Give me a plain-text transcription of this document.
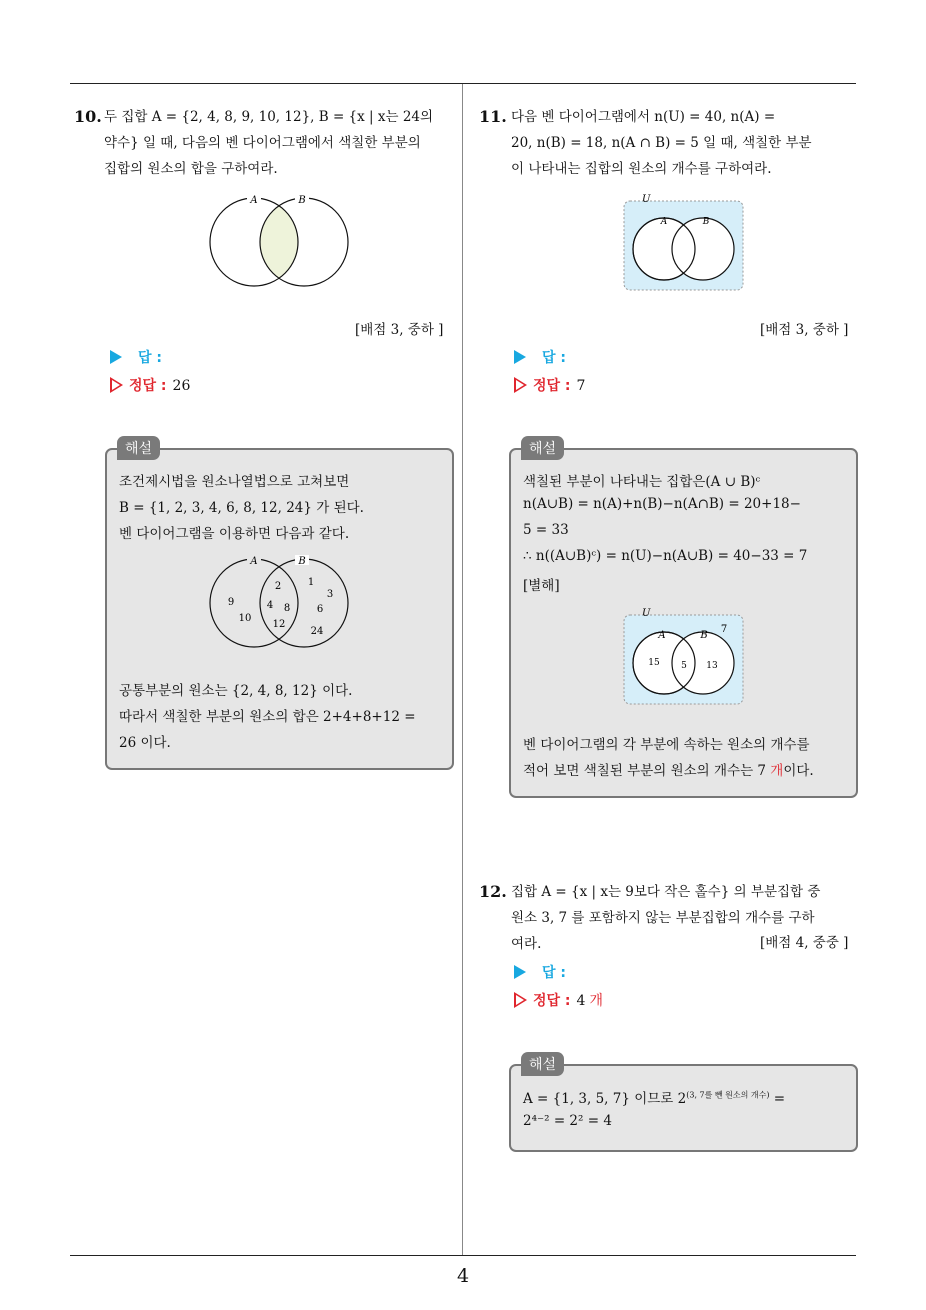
4
10. 두 집합 A = {2, 4, 8, 9, 10, 12}, B = {x | x는 24의
약수} 일 때, 다음의 벤 다이어그램에서 색칠한 부분의
집합의 원소의 합을 구하여라.
A	B
[배점 3, 중하 ]
답 :
정답 : 26
해설
조건제시법을 원소나열법으로 고쳐보면
B = {1, 2, 3, 4, 6, 8, 12, 24} 가 된다.
벤 다이어그램을 이용하면 다음과 같다.
A	B
9
10
2
4 8
12
1
3
6
24
공통부분의 원소는 {2, 4, 8, 12} 이다.
따라서 색칠한 부분의 원소의 합은 2+4+8+12 =
26 이다.
11. 다음 벤 다이어그램에서 n(U) = 40, n(A) =
20, n(B) = 18, n(A ∩ B) = 5 일 때, 색칠한 부분
이 나타내는 집합의 원소의 개수를 구하여라.
U
A	B
[배점 3, 중하 ]
답 :
정답 : 7
해설
색칠된 부분이 나타내는 집합은(A ∪ B)ᶜ
n(A∪B) = n(A)+n(B)−n(A∩B) = 20+18−
5 = 33
∴ n((A∪B)ᶜ) = n(U)−n(A∪B) = 40−33 = 7
[별해]
U
A	B
7
15 5 13
벤 다이어그램의 각 부분에 속하는 원소의 개수를
적어 보면 색칠된 부분의 원소의 개수는 7 개이다.
12. 집합 A = {x | x는 9보다 작은 홀수} 의 부분집합 중
원소 3, 7 를 포함하지 않는 부분집합의 개수를 구하
여라.	[배점 4, 중중 ]
답 :
정답 : 4 개
해설
A = {1, 3, 5, 7} 이므로 $2^{(3, 7를 뺀 원소의 개수)}$ =
2⁴⁻² = 2² = 4
